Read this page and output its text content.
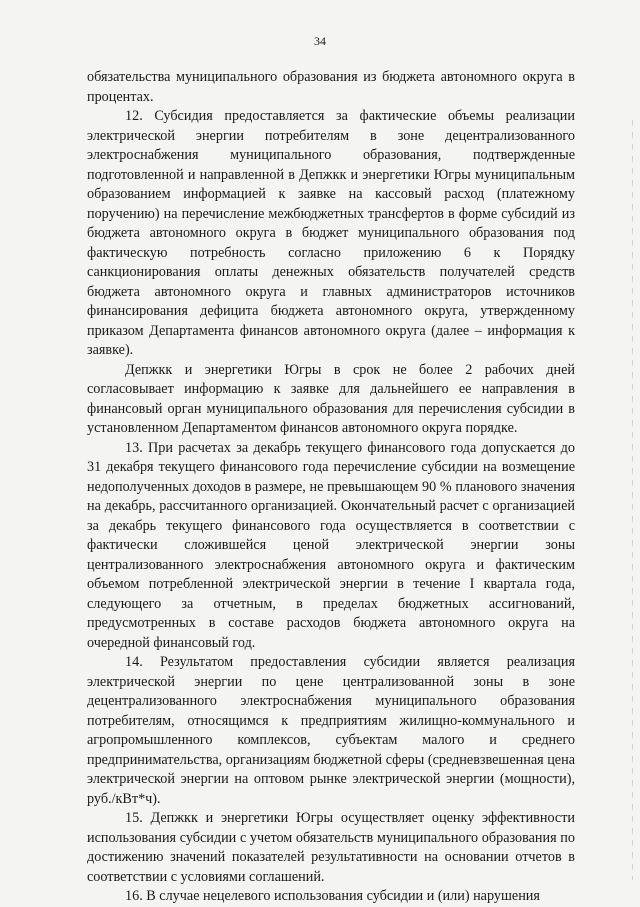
34

обязательства муниципального образования из бюджета автономного округа в процентах.

12. Субсидия предоставляется за фактические объемы реализации электрической энергии потребителям в зоне децентрализованного электроснабжения муниципального образования, подтвержденные подготовленной и направленной в Депжкк и энергетики Югры муниципальным образованием информацией к заявке на кассовый расход (платежному поручению) на перечисление межбюджетных трансфертов в форме субсидий из бюджета автономного округа в бюджет муниципального образования под фактическую потребность согласно приложению 6 к Порядку санкционирования оплаты денежных обязательств получателей средств бюджета автономного округа и главных администраторов источников финансирования дефицита бюджета автономного округа, утвержденному приказом Департамента финансов автономного округа (далее – информация к заявке).

Депжкк и энергетики Югры в срок не более 2 рабочих дней согласовывает информацию к заявке для дальнейшего ее направления в финансовый орган муниципального образования для перечисления субсидии в установленном Департаментом финансов автономного округа порядке.

13. При расчетах за декабрь текущего финансового года допускается до 31 декабря текущего финансового года перечисление субсидии на возмещение недополученных доходов в размере, не превышающем 90 % планового значения на декабрь, рассчитанного организацией. Окончательный расчет с организацией за декабрь текущего финансового года осуществляется в соответствии с фактически сложившейся ценой электрической энергии зоны централизованного электроснабжения автономного округа и фактическим объемом потребленной электрической энергии в течение I квартала года, следующего за отчетным, в пределах бюджетных ассигнований, предусмотренных в составе расходов бюджета автономного округа на очередной финансовый год.

14. Результатом предоставления субсидии является реализация электрической энергии по цене централизованной зоны в зоне децентрализованного электроснабжения муниципального образования потребителям, относящимся к предприятиям жилищно-коммунального и агропромышленного комплексов, субъектам малого и среднего предпринимательства, организациям бюджетной сферы (средневзвешенная цена электрической энергии на оптовом рынке электрической энергии (мощности), руб./кВт*ч).

15. Депжкк и энергетики Югры осуществляет оценку эффективности использования субсидии с учетом обязательств муниципального образования по достижению значений показателей результативности на основании отчетов в соответствии с условиями соглашений.

16. В случае нецелевого использования субсидии и (или) нарушения
